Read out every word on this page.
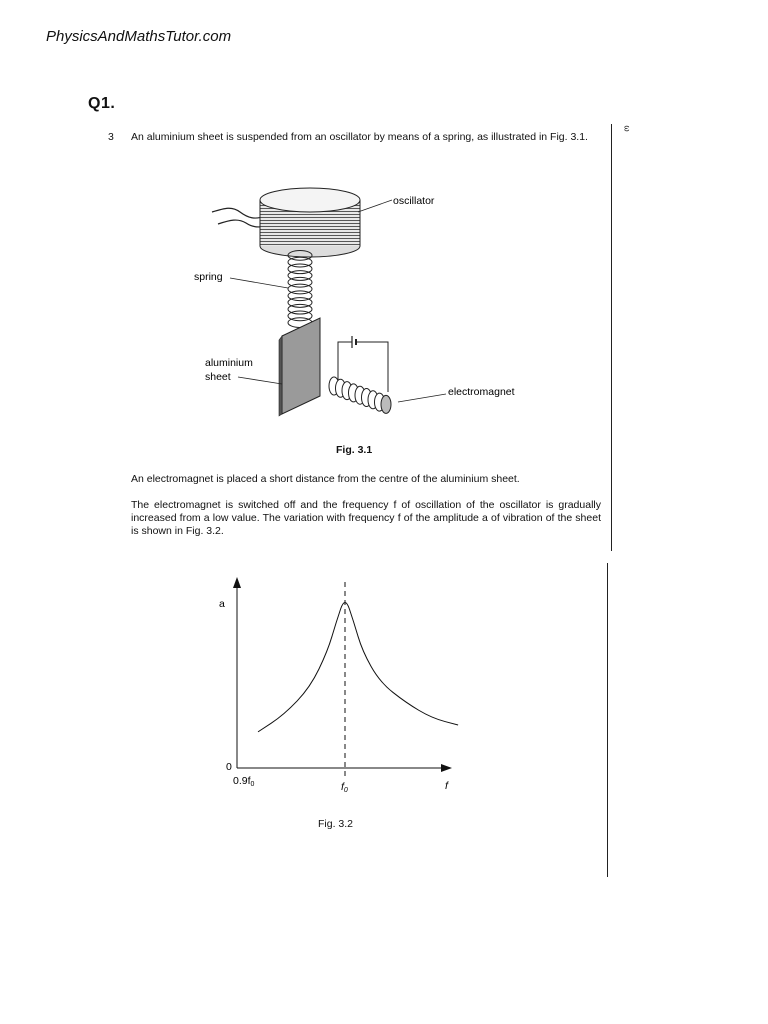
PhysicsAndMathsTutor.com
Q1.
3 An aluminium sheet is suspended from an oscillator by means of a spring, as illustrated in Fig. 3.1.
ω
oscillator
spring
aluminium
sheet
electromagnet
Fig. 3.1
An electromagnet is placed a short distance from the centre of the aluminium sheet.
The electromagnet is switched off and the frequency f of oscillation of the oscillator is gradually increased from a low value. The variation with frequency f of the amplitude a of vibration of the sheet is shown in Fig. 3.2.
a
0
0.9f0	f0	f
Fig. 3.2
